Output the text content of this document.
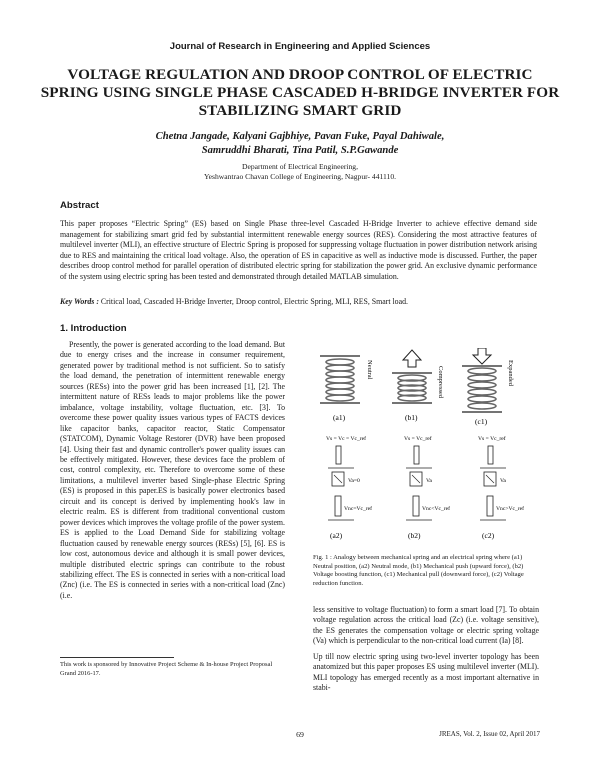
Journal of Research in Engineering and Applied Sciences
VOLTAGE REGULATION AND DROOP CONTROL OF ELECTRIC SPRING USING SINGLE PHASE CASCADED H-BRIDGE INVERTER FOR STABILIZING SMART GRID
Chetna Jangade, Kalyani Gajbhiye, Pavan Fuke, Payal Dahiwale,
Samruddhi Bharati, Tina Patil, S.P.Gawande
Department of Electrical Engineering,
Yeshwantrao Chavan College of Engineering, Nagpur- 441110.
Abstract
This paper proposes “Electric Spring” (ES) based on Single Phase three-level Cascaded H-Bridge Inverter to achieve effective demand side management for stabilizing smart grid fed by substantial intermittent renewable energy sources (RES). Considering the most attractive features of multilevel inverter (MLI), an effective structure of Electric Spring is proposed for suppressing voltage fluctuation in power distribution network arising due to RES and maintaining the critical load voltage. Also, the operation of ES in capacitive as well as inductive mode is discussed. Further, the paper describes droop control method for parallel operation of distributed electric spring for stabilization the power grid. An exclusive dynamic performance of the system using electric spring has been tested and demonstrated through detailed MATLAB simulation.
Key Words : Critical load, Cascaded H-Bridge Inverter, Droop control, Electric Spring, MLI, RES, Smart load.
1. Introduction

Presently, the power is generated according to the load demand. But due to energy crises and the increase in consumer requirement, generated power by traditional method is not sufficient. So to satisfy the load demand, the penetration of intermittent renewable energy sources (RESs) into the power grid has been increased [1], [2]. The intermittent nature of RESs leads to major problems like the power imbalance, voltage instability, voltage fluctuation, etc. [3]. To overcome these power quality issues various types of FACTS devices like capacitor banks, capacitor reactor, Static Compensator (STATCOM), Dynamic Voltage Restorer (DVR) have been proposed [4]. Using their fast and dynamic controller's power quality issues can be effectively mitigated. However, these devices face the problem of cost, control complexity, etc. Therefore to overcome some of these limitations, a multilevel inverter based Single-phase Electric Spring (ES) is proposed in this paper.ES is basically power electronics based circuit and its concept is derived by implementing hook's law in electric realm. ES is different from traditional conventional custom power devices which improves the voltage profile of the power system. ES is applied to the Load Demand Side for stabilizing voltage fluctuation caused by renewable energy sources (RESs) [5], [6]. ES is low cost, autonomous device and although it is small power devices, multiple distributed electric springs can contribute to the robust stabilizing effect. The ES is connected in series with a non-critical load (Znc) (i.e. The ES is connected in series with a non-critical load (Znc) (i.e.

This work is sponsored by Innovative Project Scheme & In-house Project Proposal Grand 2016-17.
Neutral
(a1)
Compressed
(b1)
Expanded
(c1)
Vs = Vc = Vc_ref
Va=0
Vnc=Vc_ref
(a2)
Vs = Vc_ref
Va
Vnc<Vc_ref
(b2)
Vs = Vc_ref
Va
Vnc>Vc_ref
(c2)
Fig. 1 : Analogy between mechanical spring and an electrical spring where (a1) Neutral position, (a2) Neutral mode, (b1) Mechanical push (upward force), (b2) Voltage boosting function, (c1) Mechanical pull (downward force), (c2) Voltage reduction function.

less sensitive to voltage fluctuation) to form a smart load [7]. To obtain voltage regulation across the critical load (Zc) (i.e. voltage sensitive), the ES generates the compensation voltage or electric spring voltage (Va) which is perpendicular to the non-critical load current (Ia) [8].

Up till now electric spring using two-level inverter topology has been anatomized but this paper proposes ES using multilevel inverter (MLI). MLI topology has emerged recently as a most important alternative in stabi-

69	JREAS, Vol. 2, Issue 02, April 2017
